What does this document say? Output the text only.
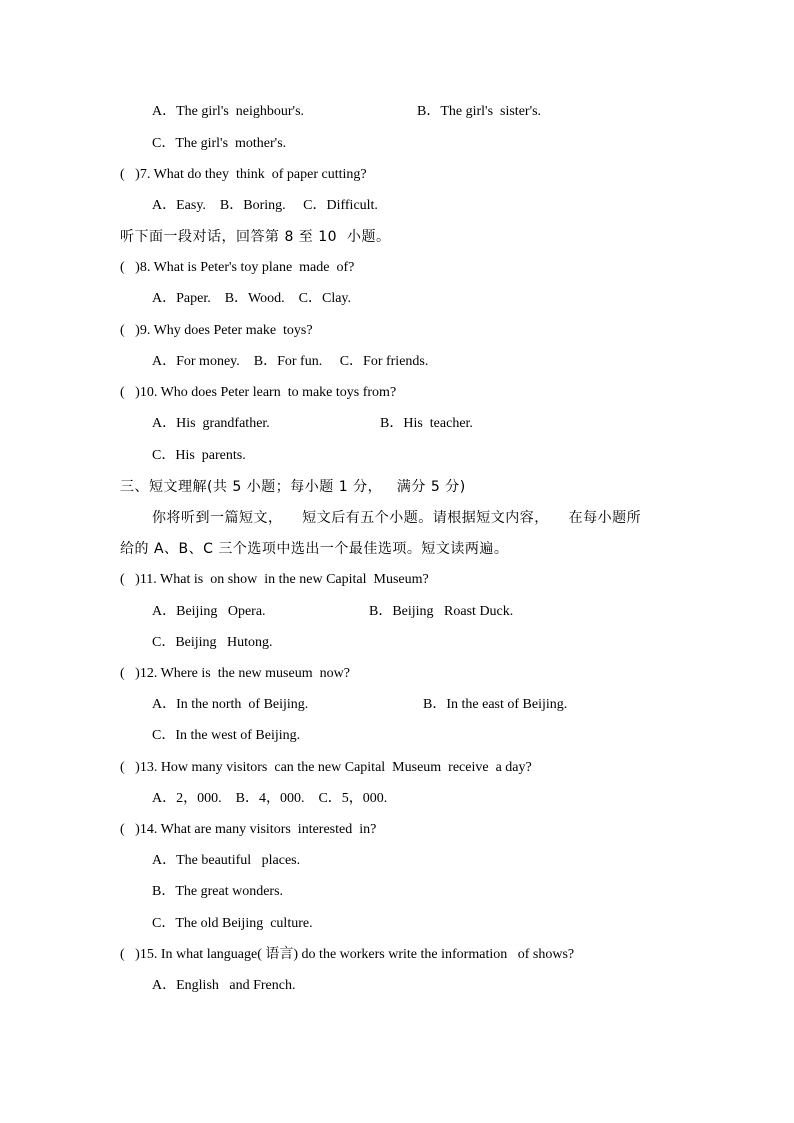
A．The girl's  neighbour's.	B．The girl's  sister's.
C．The girl's  mother's.
(   )7. What do they  think  of paper cutting?
A．Easy.    B．Boring.     C．Difficult.
听下面一段对话，回答第 8 至 10  小题。
(   )8. What is Peter's toy plane  made  of?
A．Paper.    B．Wood.    C．Clay.
(   )9. Why does Peter make  toys?
A．For money.    B．For fun.     C．For friends.
(   )10. Who does Peter learn  to make toys from?
A．His  grandfather.	B．His  teacher.
C．His  parents.
三、短文理解(共 5 小题；每小题 1 分，   满分 5 分)
你将听到一篇短文，    短文后有五个小题。请根据短文内容，    在每小题所
给的 A、B、C 三个选项中选出一个最佳选项。短文读两遍。
(   )11. What is  on show  in the new Capital  Museum?
A．Beijing   Opera.	B．Beijing   Roast Duck.
C．Beijing   Hutong.
(   )12. Where is  the new museum  now?
A．In the north  of Beijing.	B．In the east of Beijing.
C．In the west of Beijing.
(   )13. How many visitors  can the new Capital  Museum  receive  a day?
A．2，000.    B．4，000.    C．5，000.
(   )14. What are many visitors  interested  in?
A．The beautiful   places.
B．The great wonders.
C．The old Beijing  culture.
(   )15. In what language( 语言) do the workers write the information   of shows?
A．English   and French.
